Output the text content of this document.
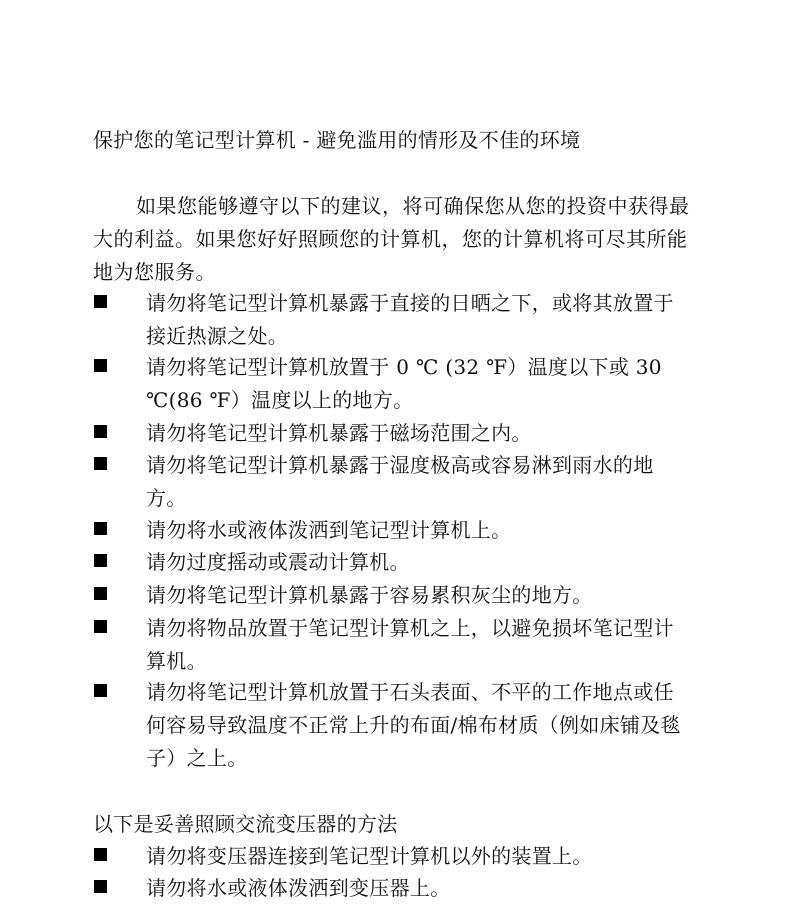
保护您的笔记型计算机 - 避免滥用的情形及不佳的环境
如果您能够遵守以下的建议，将可确保您从您的投资中获得最大的利益。如果您好好照顾您的计算机，您的计算机将可尽其所能地为您服务。
请勿将笔记型计算机暴露于直接的日晒之下，或将其放置于接近热源之处。
请勿将笔记型计算机放置于 0 ℃ (32 ℉）温度以下或 30 ℃(86 ℉）温度以上的地方。
请勿将笔记型计算机暴露于磁场范围之内。
请勿将笔记型计算机暴露于湿度极高或容易淋到雨水的地方。
请勿将水或液体泼洒到笔记型计算机上。
请勿过度摇动或震动计算机。
请勿将笔记型计算机暴露于容易累积灰尘的地方。
请勿将物品放置于笔记型计算机之上，以避免损坏笔记型计算机。
请勿将笔记型计算机放置于石头表面、不平的工作地点或任何容易导致温度不正常上升的布面/棉布材质（例如床铺及毯子）之上。
以下是妥善照顾交流变压器的方法
请勿将变压器连接到笔记型计算机以外的装置上。
请勿将水或液体泼洒到变压器上。
